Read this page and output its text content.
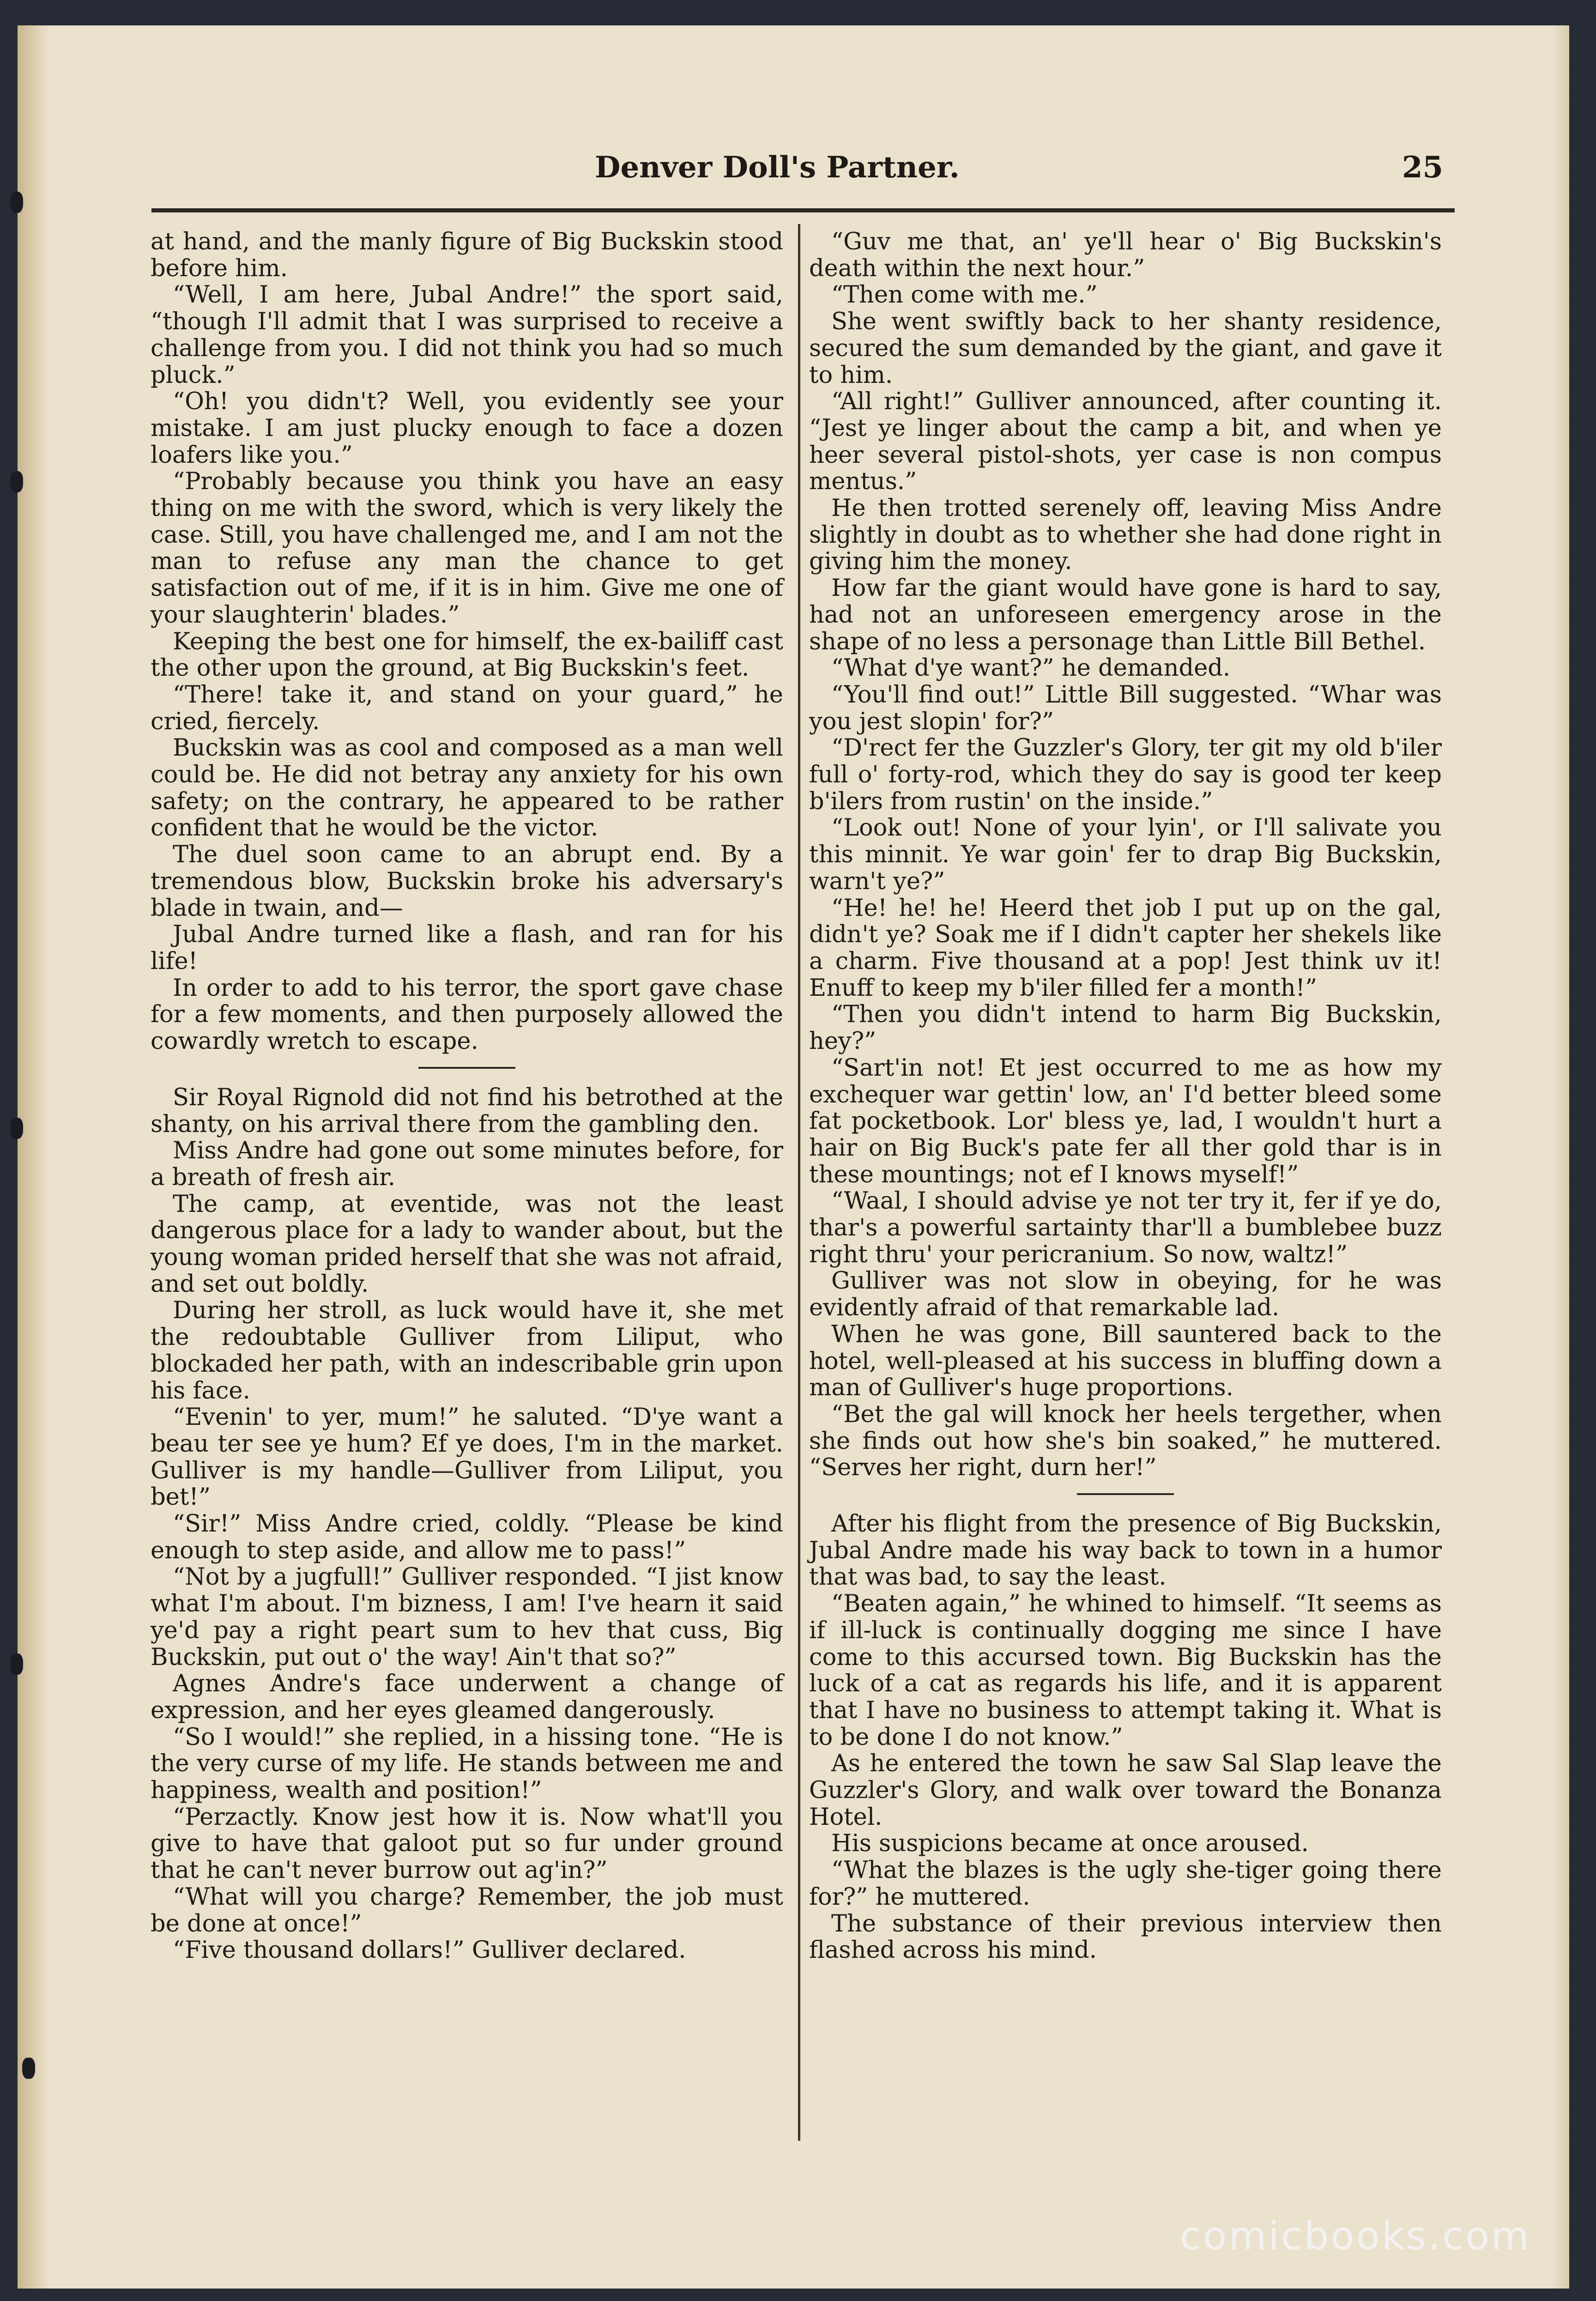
Denver Doll's Partner.	25

at hand, and the manly figure of Big Buckskin stood before him.

“Well, I am here, Jubal Andre!” the sport said, “though I'll admit that I was surprised to receive a challenge from you. I did not think you had so much pluck.”

“Oh! you didn't? Well, you evidently see your mistake. I am just plucky enough to face a dozen loafers like you.”

“Probably because you think you have an easy thing on me with the sword, which is very likely the case. Still, you have challenged me, and I am not the man to refuse any man the chance to get satisfaction out of me, if it is in him. Give me one of your slaughterin' blades.”

Keeping the best one for himself, the ex-bailiff cast the other upon the ground, at Big Buckskin's feet.

“There! take it, and stand on your guard,” he cried, fiercely.

Buckskin was as cool and composed as a man well could be. He did not betray any anxiety for his own safety; on the contrary, he appeared to be rather confident that he would be the victor.

The duel soon came to an abrupt end. By a tremendous blow, Buckskin broke his adversary's blade in twain, and—

Jubal Andre turned like a flash, and ran for his life!

In order to add to his terror, the sport gave chase for a few moments, and then purposely allowed the cowardly wretch to escape.

Sir Royal Rignold did not find his betrothed at the shanty, on his arrival there from the gambling den.

Miss Andre had gone out some minutes before, for a breath of fresh air.

The camp, at eventide, was not the least dangerous place for a lady to wander about, but the young woman prided herself that she was not afraid, and set out boldly.

During her stroll, as luck would have it, she met the redoubtable Gulliver from Liliput, who blockaded her path, with an indescribable grin upon his face.

“Evenin' to yer, mum!” he saluted. “D'ye want a beau ter see ye hum? Ef ye does, I'm in the market. Gulliver is my handle—Gulliver from Liliput, you bet!”

“Sir!” Miss Andre cried, coldly. “Please be kind enough to step aside, and allow me to pass!”

“Not by a jugfull!” Gulliver responded. “I jist know what I'm about. I'm bizness, I am! I've hearn it said ye'd pay a right peart sum to hev that cuss, Big Buckskin, put out o' the way! Ain't that so?”

Agnes Andre's face underwent a change of expression, and her eyes gleamed dangerously.

“So I would!” she replied, in a hissing tone. “He is the very curse of my life. He stands between me and happiness, wealth and position!”

“Perzactly. Know jest how it is. Now what'll you give to have that galoot put so fur under ground that he can't never burrow out ag'in?”

“What will you charge? Remember, the job must be done at once!”

“Five thousand dollars!” Gulliver declared.

“Guv me that, an' ye'll hear o' Big Buckskin's death within the next hour.”

“Then come with me.”

She went swiftly back to her shanty residence, secured the sum demanded by the giant, and gave it to him.

“All right!” Gulliver announced, after counting it. “Jest ye linger about the camp a bit, and when ye heer several pistol-shots, yer case is non compus mentus.”

He then trotted serenely off, leaving Miss Andre slightly in doubt as to whether she had done right in giving him the money.

How far the giant would have gone is hard to say, had not an unforeseen emergency arose in the shape of no less a personage than Little Bill Bethel.

“What d'ye want?” he demanded.

“You'll find out!” Little Bill suggested. “Whar was you jest slopin' for?”

“D'rect fer the Guzzler's Glory, ter git my old b'iler full o' forty-rod, which they do say is good ter keep b'ilers from rustin' on the inside.”

“Look out! None of your lyin', or I'll salivate you this minnit. Ye war goin' fer to drap Big Buckskin, warn't ye?”

“He! he! he! Heerd thet job I put up on the gal, didn't ye? Soak me if I didn't capter her shekels like a charm. Five thousand at a pop! Jest think uv it! Enuff to keep my b'iler filled fer a month!”

“Then you didn't intend to harm Big Buckskin, hey?”

“Sart'in not! Et jest occurred to me as how my exchequer war gettin' low, an' I'd better bleed some fat pocketbook. Lor' bless ye, lad, I wouldn't hurt a hair on Big Buck's pate fer all ther gold thar is in these mountings; not ef I knows myself!”

“Waal, I should advise ye not ter try it, fer if ye do, thar's a powerful sartainty thar'll a bumblebee buzz right thru' your pericranium. So now, waltz!”

Gulliver was not slow in obeying, for he was evidently afraid of that remarkable lad.

When he was gone, Bill sauntered back to the hotel, well-pleased at his success in bluffing down a man of Gulliver's huge proportions.

“Bet the gal will knock her heels tergether, when she finds out how she's bin soaked,” he muttered. “Serves her right, durn her!”

After his flight from the presence of Big Buckskin, Jubal Andre made his way back to town in a humor that was bad, to say the least.

“Beaten again,” he whined to himself. “It seems as if ill-luck is continually dogging me since I have come to this accursed town. Big Buckskin has the luck of a cat as regards his life, and it is apparent that I have no business to attempt taking it. What is to be done I do not know.”

As he entered the town he saw Sal Slap leave the Guzzler's Glory, and walk over toward the Bonanza Hotel.

His suspicions became at once aroused.

“What the blazes is the ugly she-tiger going there for?” he muttered.

The substance of their previous interview then flashed across his mind.

comicbooks.com
